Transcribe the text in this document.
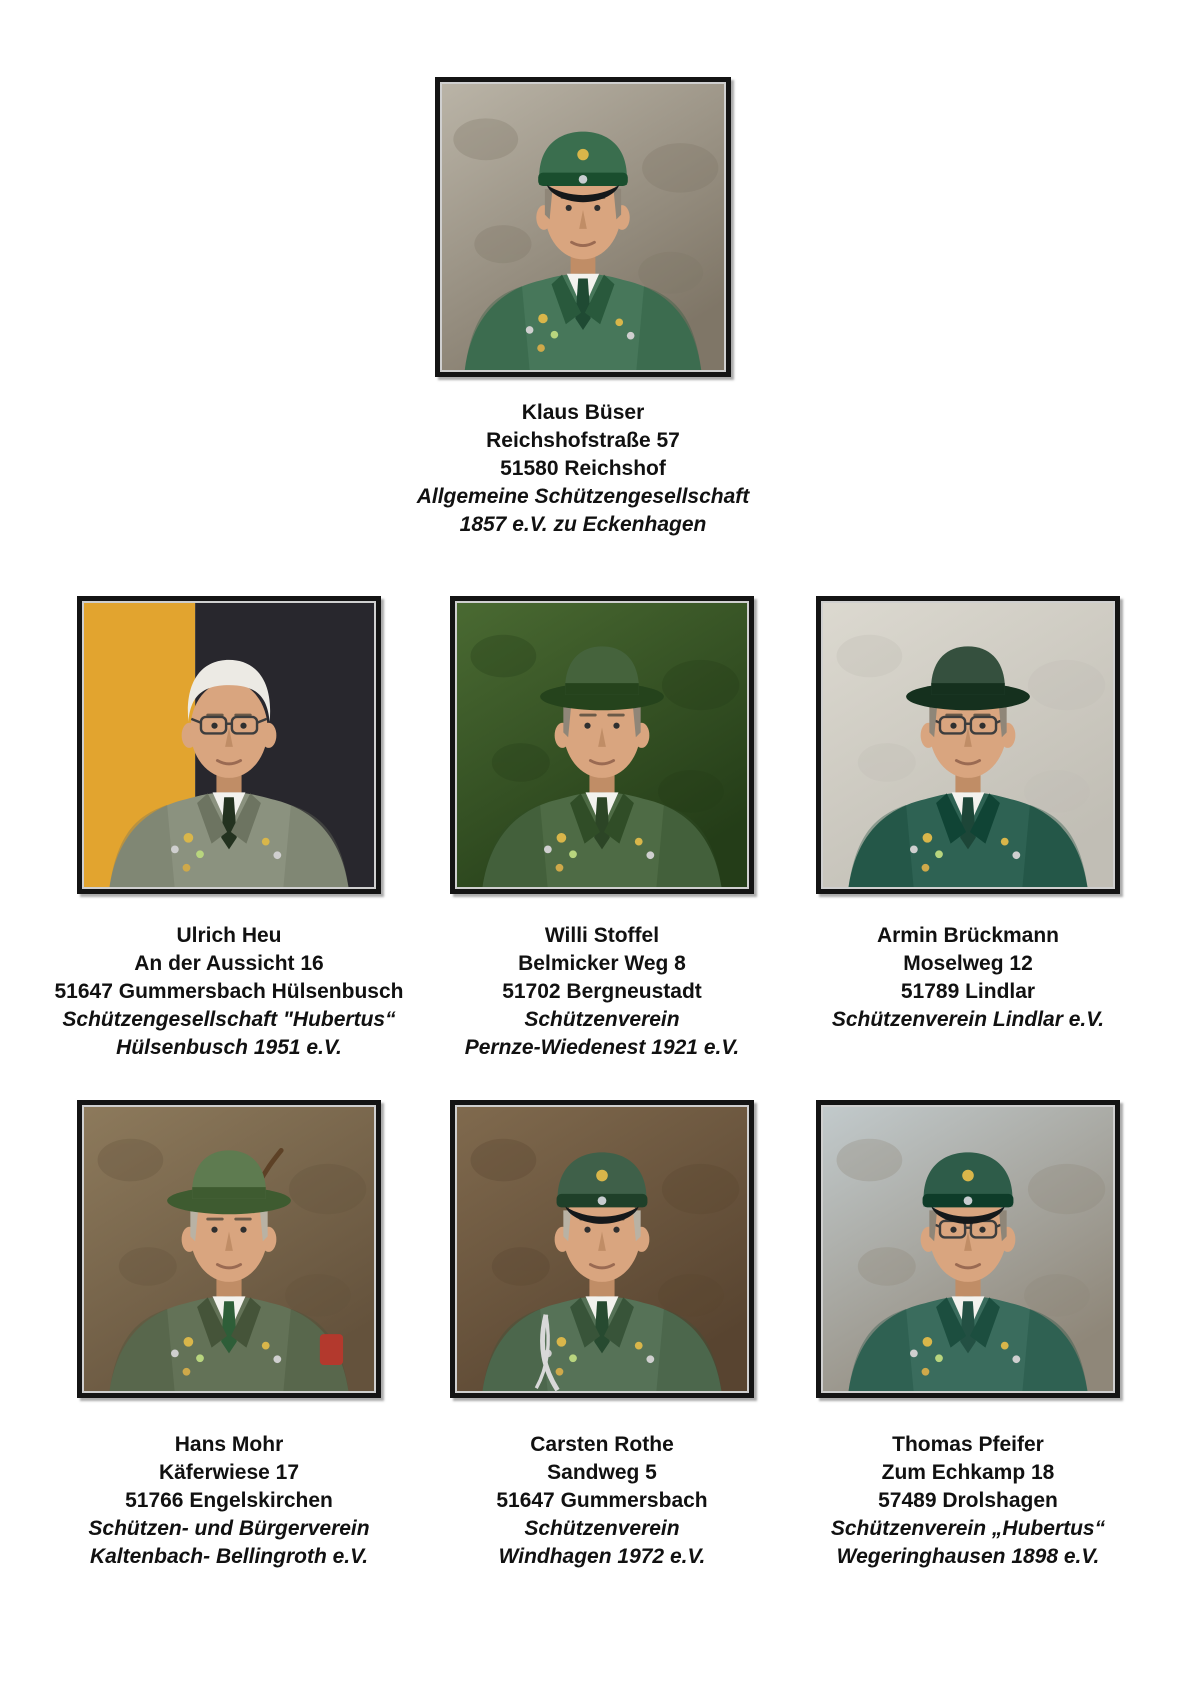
Klaus Büser
Reichshofstraße 57
51580 Reichshof
Allgemeine Schützengesellschaft
1857 e.V. zu Eckenhagen
Ulrich Heu
An der Aussicht 16
51647 Gummersbach Hülsenbusch
Schützengesellschaft "Hubertus“
Hülsenbusch 1951 e.V.
Willi Stoffel
Belmicker Weg 8
51702 Bergneustadt
Schützenverein
Pernze-Wiedenest 1921 e.V.
Armin Brückmann
Moselweg 12
51789 Lindlar
Schützenverein Lindlar e.V.
Hans Mohr
Käferwiese 17
51766 Engelskirchen
Schützen- und Bürgerverein
Kaltenbach- Bellingroth e.V.
Carsten Rothe
Sandweg 5
51647 Gummersbach
Schützenverein
Windhagen 1972 e.V.
Thomas Pfeifer
Zum Echkamp 18
57489 Drolshagen
Schützenverein „Hubertus“
Wegeringhausen 1898 e.V.
